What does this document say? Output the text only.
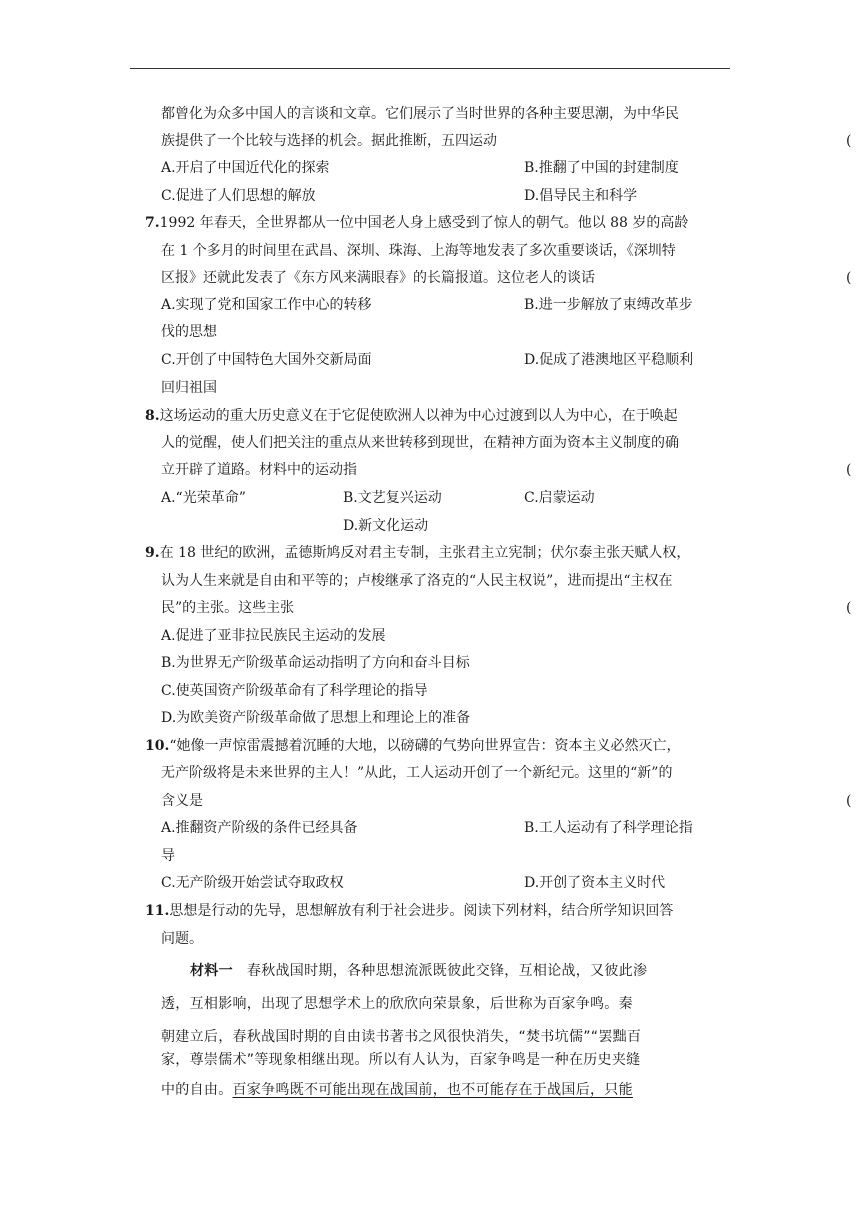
都曾化为众多中国人的言谈和文章。它们展示了当时世界的各种主要思潮，为中华民
族提供了一个比较与选择的机会。据此推断，五四运动	(
A.开启了中国近代化的探索	B.推翻了中国的封建制度
C.促进了人们思想的解放	D.倡导民主和科学
7.1992 年春天，全世界都从一位中国老人身上感受到了惊人的朝气。他以 88 岁的高龄
在 1 个多月的时间里在武昌、深圳、珠海、上海等地发表了多次重要谈话，《深圳特
区报》还就此发表了《东方风来满眼春》的长篇报道。这位老人的谈话	(
A.实现了党和国家工作中心的转移	B.进一步解放了束缚改革步
伐的思想
C.开创了中国特色大国外交新局面	D.促成了港澳地区平稳顺利
回归祖国
8.这场运动的重大历史意义在于它促使欧洲人以神为中心过渡到以人为中心，在于唤起
人的觉醒，使人们把关注的重点从来世转移到现世，在精神方面为资本主义制度的确
立开辟了道路。材料中的运动指	(
A.“光荣革命”	B.文艺复兴运动	C.启蒙运动
D.新文化运动
9.在 18 世纪的欧洲，孟德斯鸠反对君主专制，主张君主立宪制；伏尔泰主张天赋人权，
认为人生来就是自由和平等的；卢梭继承了洛克的“人民主权说”，进而提出“主权在
民”的主张。这些主张	(
A.促进了亚非拉民族民主运动的发展
B.为世界无产阶级革命运动指明了方向和奋斗目标
C.使英国资产阶级革命有了科学理论的指导
D.为欧美资产阶级革命做了思想上和理论上的准备
10.“她像一声惊雷震撼着沉睡的大地，以磅礴的气势向世界宣告：资本主义必然灭亡，
无产阶级将是未来世界的主人！”从此，工人运动开创了一个新纪元。这里的“新”的
含义是	(
A.推翻资产阶级的条件已经具备	B.工人运动有了科学理论指
导
C.无产阶级开始尝试夺取政权	D.开创了资本主义时代
11.思想是行动的先导，思想解放有利于社会进步。阅读下列材料，结合所学知识回答
问题。
材料一 春秋战国时期，各种思想流派既彼此交锋，互相论战，又彼此渗
透，互相影响，出现了思想学术上的欣欣向荣景象，后世称为百家争鸣。秦
朝建立后，春秋战国时期的自由读书著书之风很快消失，“焚书坑儒”“罢黜百
家，尊崇儒术”等现象相继出现。所以有人认为，百家争鸣是一种在历史夹缝
中的自由。百家争鸣既不可能出现在战国前，也不可能存在于战国后，只能
